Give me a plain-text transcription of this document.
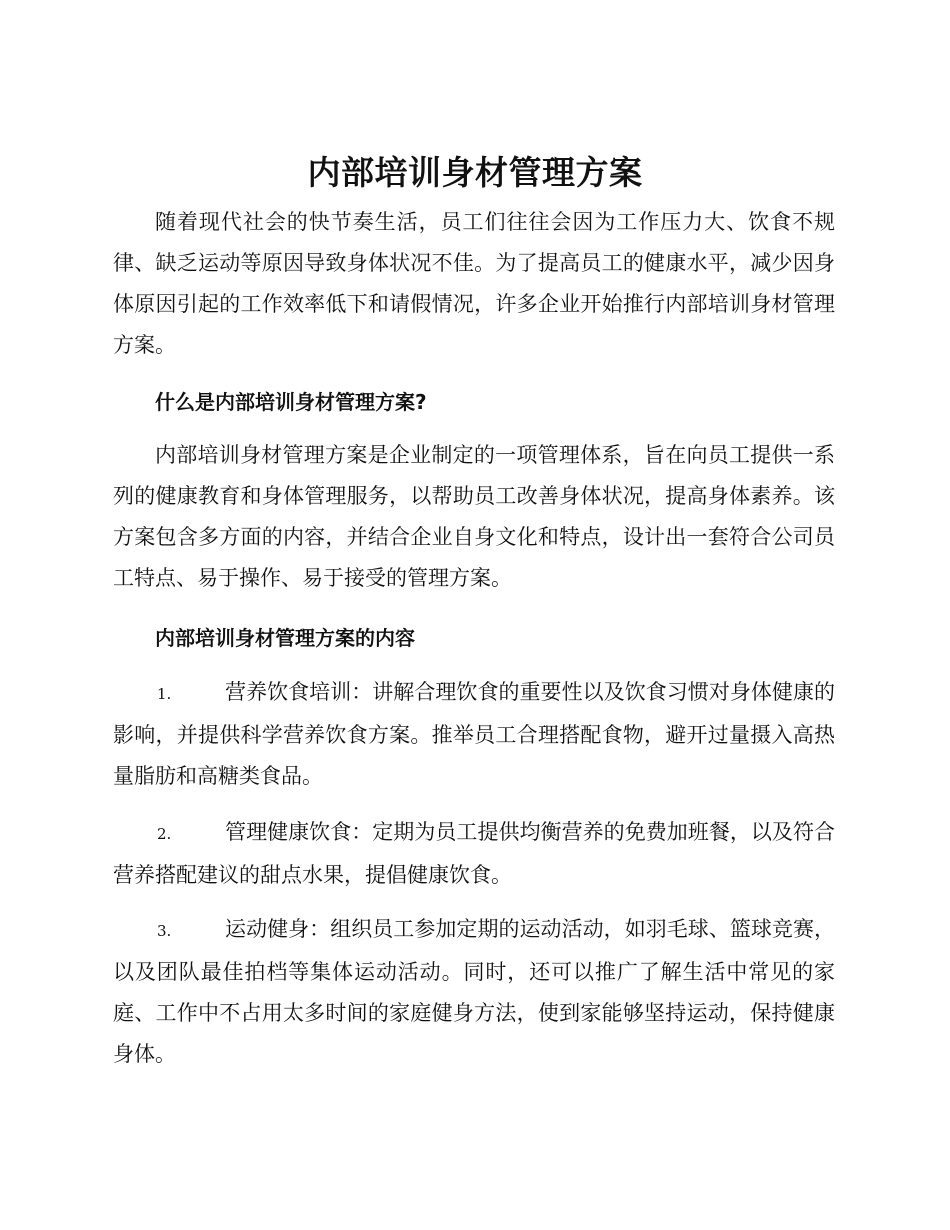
内部培训身材管理方案

随着现代社会的快节奏生活，员工们往往会因为工作压力大、饮食不规律、缺乏运动等原因导致身体状况不佳。为了提高员工的健康水平，减少因身体原因引起的工作效率低下和请假情况，许多企业开始推行内部培训身材管理方案。

什么是内部培训身材管理方案?

内部培训身材管理方案是企业制定的一项管理体系，旨在向员工提供一系列的健康教育和身体管理服务，以帮助员工改善身体状况，提高身体素养。该方案包含多方面的内容，并结合企业自身文化和特点，设计出一套符合公司员工特点、易于操作、易于接受的管理方案。

内部培训身材管理方案的内容

1.	营养饮食培训：讲解合理饮食的重要性以及饮食习惯对身体健康的影响，并提供科学营养饮食方案。推举员工合理搭配食物，避开过量摄入高热量脂肪和高糖类食品。

2.	管理健康饮食：定期为员工提供均衡营养的免费加班餐，以及符合营养搭配建议的甜点水果，提倡健康饮食。

3.	运动健身：组织员工参加定期的运动活动，如羽毛球、篮球竞赛，以及团队最佳拍档等集体运动活动。同时，还可以推广了解生活中常见的家庭、工作中不占用太多时间的家庭健身方法，使到家能够坚持运动，保持健康身体。
